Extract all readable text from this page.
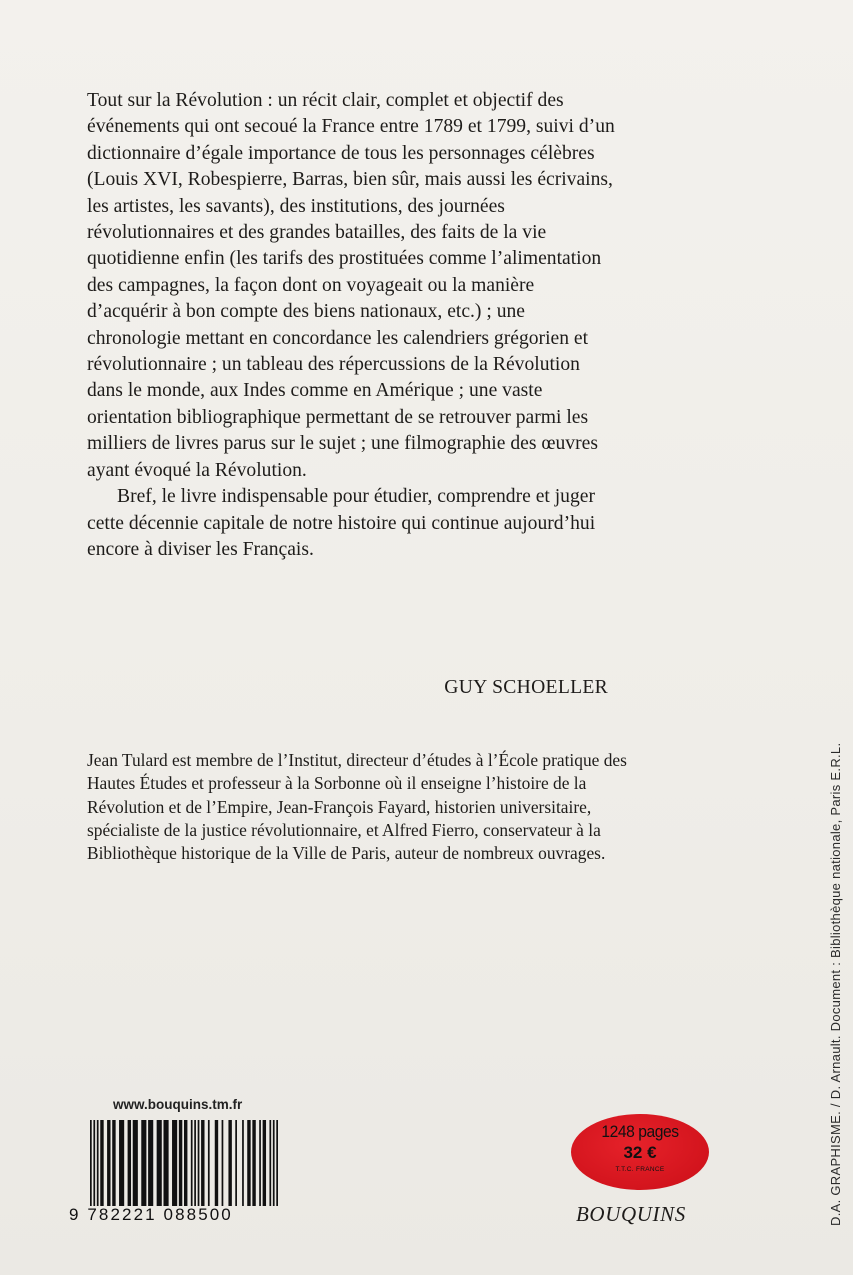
Tout sur la Révolution : un récit clair, complet et objectif des événements qui ont secoué la France entre 1789 et 1799, suivi d’un dictionnaire d’égale importance de tous les personnages célèbres (Louis XVI, Robespierre, Barras, bien sûr, mais aussi les écrivains, les artistes, les savants), des institutions, des journées révolutionnaires et des grandes batailles, des faits de la vie quotidienne enfin (les tarifs des prostituées comme l’alimentation des campagnes, la façon dont on voyageait ou la manière d’acquérir à bon compte des biens nationaux, etc.) ; une chronologie mettant en concordance les calendriers grégorien et révolutionnaire ; un tableau des répercussions de la Révolution dans le monde, aux Indes comme en Amérique ; une vaste orientation bibliographique permettant de se retrouver parmi les milliers de livres parus sur le sujet ; une filmographie des œuvres ayant évoqué la Révolution.

Bref, le livre indispensable pour étudier, comprendre et juger cette décennie capitale de notre histoire qui continue aujourd’hui encore à diviser les Français.

GUY SCHOELLER

Jean Tulard est membre de l’Institut, directeur d’études à l’École pratique des Hautes Études et professeur à la Sorbonne où il enseigne l’histoire de la Révolution et de l’Empire, Jean-François Fayard, historien universitaire, spécialiste de la justice révolutionnaire, et Alfred Fierro, conservateur à la Bibliothèque historique de la Ville de Paris, auteur de nombreux ouvrages.

www.bouquins.tm.fr
9 782221 088500
1248 pages
32 €
T.T.C. FRANCE
BOUQUINS	D.A. GRAPHISME. / D. Arnault. Document : Bibliothèque nationale, Paris E.R.L.
